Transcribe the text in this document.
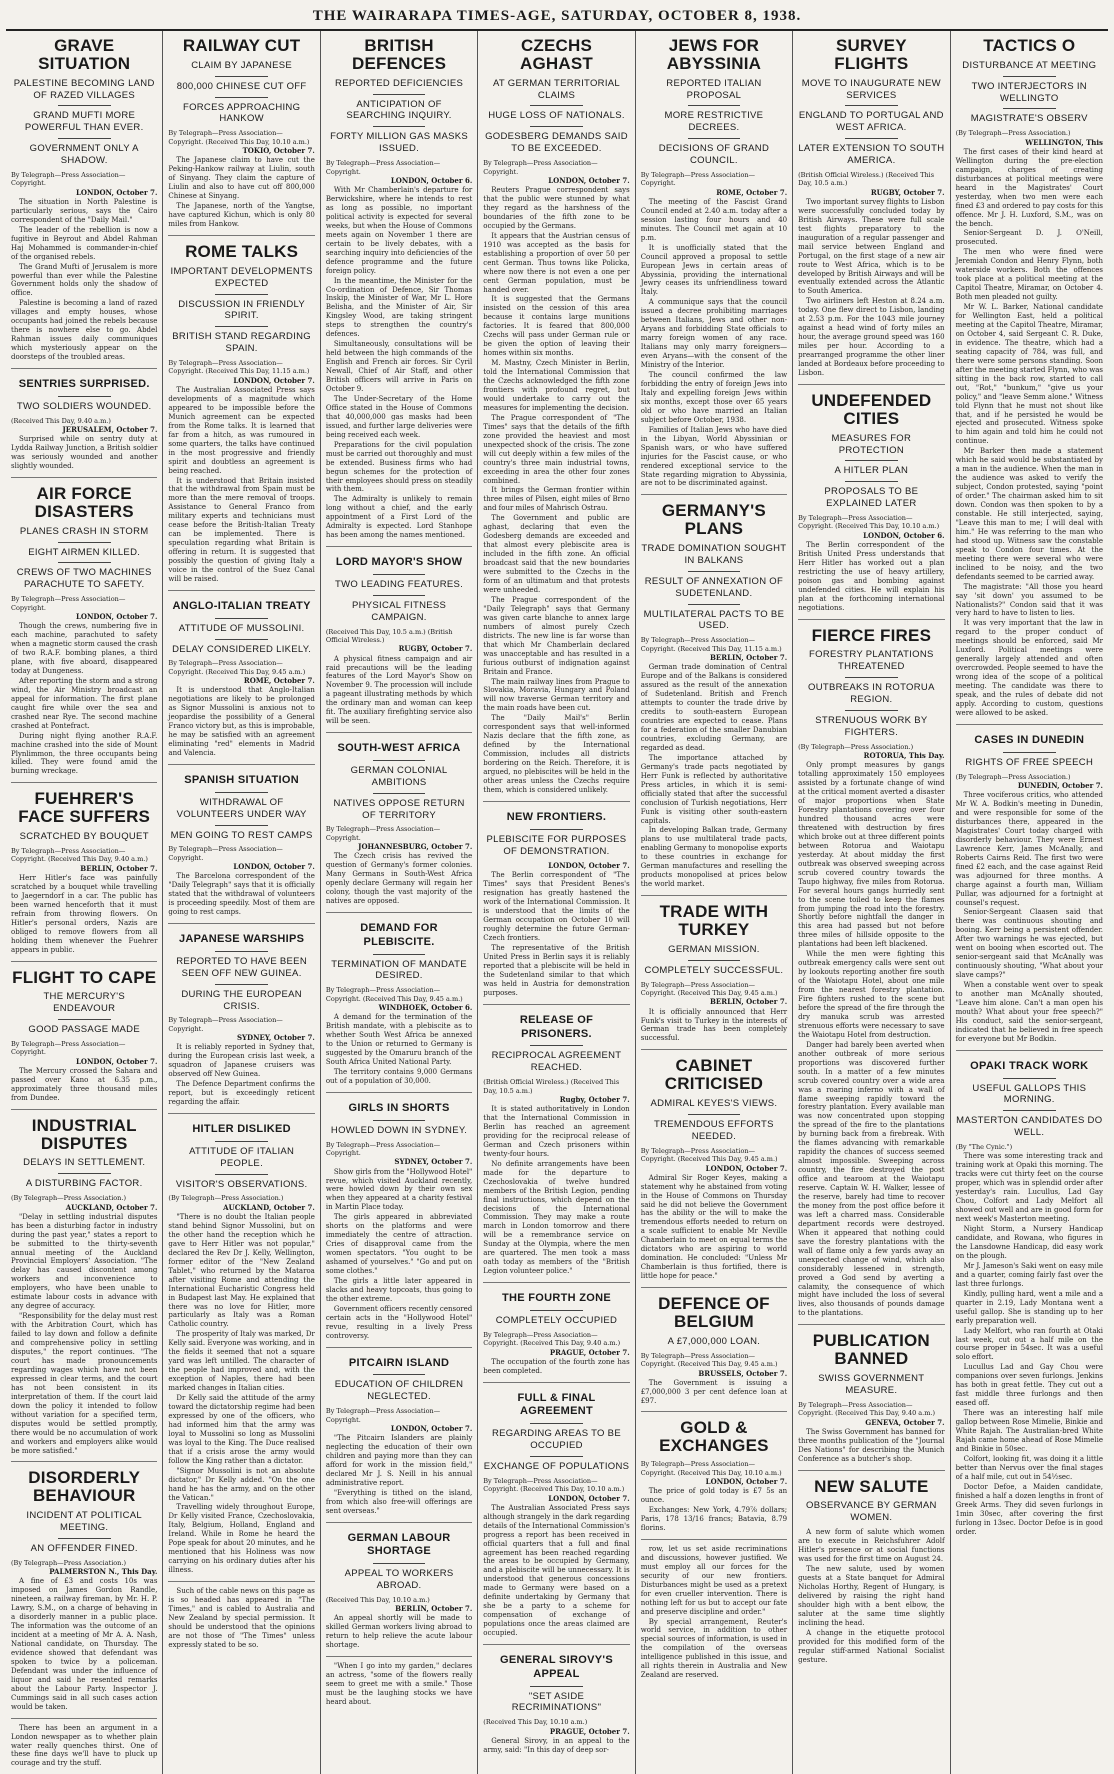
THE WAIRARAPA TIMES-AGE, SATURDAY, OCTOBER 8, 1938.
GRAVE SITUATION
PALESTINE BECOMING LAND OF RAZED VILLAGES
GRAND MUFTI MORE POWERFUL THAN EVER.
GOVERNMENT ONLY A SHADOW.
By Telegraph—Press Association—Copyright.
LONDON, October 7.

The situation in North Palestine is particularly serious, says the Cairo correspondent of the "Daily Mail."

The leader of the rebellion is now a fugitive in Beyrout and Abdel Rahman Haj Mohammed is commander-in-chief of the organised rebels.

The Grand Mufti of Jerusalem is more powerful than ever while the Palestine Government holds only the shadow of office.

Palestine is becoming a land of razed villages and empty houses, whose occupants had joined the rebels because there is nowhere else to go. Abdel Rahman issues daily communiques which mysteriously appear on the doorsteps of the troubled areas.

SENTRIES SURPRISED.
TWO SOLDIERS WOUNDED.
(Received This Day, 9.40 a.m.)
JERUSALEM, October 7.

Surprised while on sentry duty at Lydda Railway Junction, a British soldier was seriously wounded and another slightly wounded.

AIR FORCE DISASTERS
PLANES CRASH IN STORM
EIGHT AIRMEN KILLED.
CREWS OF TWO MACHINES PARACHUTE TO SAFETY.
By Telegraph—Press Association—Copyright.
LONDON, October 7.

Though the crews, numbering five in each machine, parachuted to safety when a magnetic storm caused the crash of two R.A.F. bombing planes, a third plane, with five aboard, disappeared today at Dungeness.

After reporting the storm and a strong wind, the Air Ministry broadcast an appeal for information. The first plane caught fire while over the sea and crashed near Rye. The second machine crashed at Pontefract.

During night flying another R.A.F. machine crashed into the side of Mount Plynlimmon, the three occupants being killed. They were found amid the burning wreckage.

FUEHRER'S FACE SUFFERS
SCRATCHED BY BOUQUET
By Telegraph—Press Association—Copyright. (Received This Day, 9.40 a.m.)
BERLIN, October 7.

Herr Hitler's face was painfully scratched by a bouquet while travelling to Jaegerndorf in a car. The public has been warned henceforth that it must refrain from throwing flowers. On Hitler's personal orders, Nazis are obliged to remove flowers from all holding them whenever the Fuehrer appears in public.

FLIGHT TO CAPE
THE MERCURY'S ENDEAVOUR
GOOD PASSAGE MADE
By Telegraph—Press Association—Copyright.
LONDON, October 7.

The Mercury crossed the Sahara and passed over Kano at 6.35 p.m., approximately three thousand miles from Dundee.

INDUSTRIAL DISPUTES
DELAYS IN SETTLEMENT.
A DISTURBING FACTOR.
(By Telegraph—Press Association.)
AUCKLAND, October 7.

"Delay in settling industrial disputes has been a disturbing factor in industry during the past year," states a report to be submitted to the thirty-seventh annual meeting of the Auckland Provincial Employers' Association. "The delay has caused discontent among workers and inconvenience to employers, who have been unable to estimate labour costs in advance with any degree of accuracy.

"Responsibility for the delay must rest with the Arbitration Court, which has failed to lay down and follow a definite and comprehensive policy in settling disputes," the report continues. "The court has made pronouncements regarding wages which have not been expressed in clear terms, and the court has not been consistent in its interpretation of them. If the court laid down the policy it intended to follow without variation for a specified term, disputes would be settled promptly, there would be no accumulation of work and workers and employers alike would be more satisfied."

DISORDERLY BEHAVIOUR
INCIDENT AT POLITICAL MEETING.
AN OFFENDER FINED.
(By Telegraph—Press Association.)
PALMERSTON N., This Day.

A fine of £3 and costs 10s was imposed on James Gordon Randle, nineteen, a railway fireman, by Mr. H. P. Lawry, S.M., on a charge of behaving in a disorderly manner in a public place. The information was the outcome of an incident at a meeting of Mr A. A. Nash, National candidate, on Thursday. The evidence showed that defendant was spoken to twice by a policeman. Defendant was under the influence of liquor and said he resented remarks about the Labour Party. Inspector J. Cummings said in all such cases action would be taken.

There has been an argument in a London newspaper as to whether plain water really quenches thirst. One of these fine days we'll have to pluck up courage and try the stuff.

RAILWAY CUT
CLAIM BY JAPANESE
800,000 CHINESE CUT OFF
FORCES APPROACHING HANKOW
By Telegraph—Press Association—Copyright. (Received This Day, 10.10 a.m.)
TOKIO, October 7.

The Japanese claim to have cut the Peking-Hankow railway at Liulin, south of Sinyang. They claim the capture of Liulin and also to have cut off 800,000 Chinese at Sinyang.

The Japanese, north of the Yangtse, have captured Kichun, which is only 80 miles from Hankow.

ROME TALKS
IMPORTANT DEVELOPMENTS EXPECTED
DISCUSSION IN FRIENDLY SPIRIT.
BRITISH STAND REGARDING SPAIN.
By Telegraph—Press Association—Copyright. (Received This Day, 11.15 a.m.)
LONDON, October 7.

The Australian Associated Press says developments of a magnitude which appeared to be impossible before the Munich agreement can be expected from the Rome talks. It is learned that far from a hitch, as was rumoured in some quarters, the talks have continued in the most progressive and friendly spirit and doubtless an agreement is being reached.

It is understood that Britain insisted that the withdrawal from Spain must be more than the mere removal of troops. Assistance to General Franco from military experts and technicians must cease before the British-Italian Treaty can be implemented. There is speculation regarding what Britain is offering in return. It is suggested that possibly the question of giving Italy a voice in the control of the Suez Canal will be raised.

ANGLO-ITALIAN TREATY
ATTITUDE OF MUSSOLINI.
DELAY CONSIDERED LIKELY.
By Telegraph—Press Association—Copyright. (Received This Day, 9.45 a.m.)
ROME, October 7.

It is understood that Anglo-Italian negotiations are likely to be prolonged as Signor Mussolini is anxious not to jeopardise the possibility of a General Franco victory but, as this is improbable, he may be satisfied with an agreement eliminating "red" elements in Madrid and Valencia.

SPANISH SITUATION
WITHDRAWAL OF VOLUNTEERS UNDER WAY
MEN GOING TO REST CAMPS
By Telegraph—Press Association—Copyright.
LONDON, October 7.

The Barcelona correspondent of the "Daily Telegraph" says that it is officially stated that the withdrawal of volunteers is proceeding speedily. Most of them are going to rest camps.

JAPANESE WARSHIPS
REPORTED TO HAVE BEEN SEEN OFF NEW GUINEA.
DURING THE EUROPEAN CRISIS.
By Telegraph—Press Association—Copyright.
SYDNEY, October 7.

It is reliably reported in Sydney that, during the European crisis last week, a squadron of Japanese cruisers was observed off New Guinea.

The Defence Department confirms the report, but is exceedingly reticent regarding the affair.

HITLER DISLIKED
ATTITUDE OF ITALIAN PEOPLE.
VISITOR'S OBSERVATIONS.
(By Telegraph—Press Association.)
AUCKLAND, October 7.

"There is no doubt the Italian people stand behind Signor Mussolini, but on the other hand the reception which he gave to Herr Hitler was not popular," declared the Rev Dr J. Kelly, Wellington, former editor of the "New Zealand Tablet," who returned by the Mataroa after visiting Rome and attending the International Eucharistic Congress held in Budapest last May. He explained that there was no love for Hitler, more particularly as Italy was a Roman Catholic country.

The prosperity of Italy was marked, Dr Kelly said. Everyone was working, and in the fields it seemed that not a square yard was left untilled. The character of the people had improved and, with the exception of Naples, there had been marked changes in Italian cities.

Dr Kelly said the attitude of the army toward the dictatorship regime had been expressed by one of the officers, who had informed him that the army was loyal to Mussolini so long as Mussolini was loyal to the King. The Duce realised that if a crisis arose the army would follow the King rather than a dictator.

"Signor Mussolini is not an absolute dictator," Dr Kelly added. "On the one hand he has the army, and on the other the Vatican."

Travelling widely throughout Europe, Dr Kelly visited France, Czechoslovakia, Italy, Belgium, Holland, England and Ireland. While in Rome he heard the Pope speak for about 20 minutes, and he mentioned that his Holiness was now carrying on his ordinary duties after his illness.

Such of the cable news on this page as is so headed has appeared in "The Times," and is cabled to Australia and New Zealand by special permission. It should be understood that the opinions are not those of "The Times" unless expressly stated to be so.

BRITISH DEFENCES
REPORTED DEFICIENCIES
ANTICIPATION OF SEARCHING INQUIRY.
FORTY MILLION GAS MASKS ISSUED.
By Telegraph—Press Association—Copyright.
LONDON, October 6.

With Mr Chamberlain's departure for Berwickshire, where he intends to rest as long as possible, no important political activity is expected for several weeks, but when the House of Commons meets again on November 1 there are certain to be lively debates, with a searching inquiry into deficiencies of the defence programme and the future foreign policy.

In the meantime, the Minister for the Co-ordination of Defence, Sir Thomas Inskip, the Minister of War, Mr L. Hore Belisha, and the Minister of Air, Sir Kingsley Wood, are taking stringent steps to strengthen the country's defences.

Simultaneously, consultations will be held between the high commands of the English and French air forces. Sir Cyril Newall, Chief of Air Staff, and other British officers will arrive in Paris on October 9.

The Under-Secretary of the Home Office stated in the House of Commons that 40,000,000 gas masks had been issued, and further large deliveries were being received each week.

Preparations for the civil population must be carried out thoroughly and must be extended. Business firms who had begun schemes for the protection of their employees should press on steadily with them.

The Admiralty is unlikely to remain long without a chief, and the early appointment of a First Lord of the Admiralty is expected. Lord Stanhope has been among the names mentioned.

LORD MAYOR'S SHOW
TWO LEADING FEATURES.
PHYSICAL FITNESS CAMPAIGN.
(Received This Day, 10.5 a.m.) (British Official Wireless.)
RUGBY, October 7.

A physical fitness campaign and air raid precautions will be the leading features of the Lord Mayor's Show on November 9. The procession will include a pageant illustrating methods by which the ordinary man and woman can keep fit. The auxiliary firefighting service also will be seen.

SOUTH-WEST AFRICA
GERMAN COLONIAL AMBITIONS
NATIVES OPPOSE RETURN OF TERRITORY
By Telegraph—Press Association—Copyright.
JOHANNESBURG, October 7.

The Czech crisis has revived the question of Germany's former colonies. Many Germans in South-West Africa openly declare Germany will regain her colony, though the vast majority of the natives are opposed.

DEMAND FOR PLEBISCITE.
TERMINATION OF MANDATE DESIRED.
By Telegraph—Press Association—Copyright. (Received This Day, 9.45 a.m.)
WINDHOEK, October 6.

A demand for the termination of the British mandate, with a plebiscite as to whether South West Africa be annexed to the Union or returned to Germany is suggested by the Omaruru branch of the South Africa United National Party.

The territory contains 9,000 Germans out of a population of 30,000.

GIRLS IN SHORTS
HOWLED DOWN IN SYDNEY.
By Telegraph—Press Association—Copyright.
SYDNEY, October 7.

Show girls from the "Hollywood Hotel" revue, which visited Auckland recently, were howled down by their own sex when they appeared at a charity festival in Martin Place today.

The girls appeared in abbreviated shorts on the platforms and were immediately the centre of attraction. Cries of disapproval came from the women spectators. "You ought to be ashamed of yourselves." "Go and put on some clothes."

The girls a little later appeared in slacks and heavy topcoats, thus going to the other extreme.

Government officers recently censored certain acts in the "Hollywood Hotel" revue, resulting in a lively Press controversy.

PITCAIRN ISLAND
EDUCATION OF CHILDREN NEGLECTED.
By Telegraph—Press Association—Copyright.
LONDON, October 7.

"The Pitcairn Islanders are plainly neglecting the education of their own children and paying more than they can afford for work in the mission field," declared Mr J. S. Neill in his annual administrative report.

"Everything is tithed on the island, from which also free-will offerings are sent overseas."

GERMAN LABOUR SHORTAGE
APPEAL TO WORKERS ABROAD.
(Received This Day, 10.10 a.m.)
BERLIN, October 7.

An appeal shortly will be made to skilled German workers living abroad to return to help relieve the acute labour shortage.

"When I go into my garden," declares an actress, "some of the flowers really seem to greet me with a smile." Those must be the laughing stocks we have heard about.

CZECHS AGHAST
AT GERMAN TERRITORIAL CLAIMS
HUGE LOSS OF NATIONALS.
GODESBERG DEMANDS SAID TO BE EXCEEDED.
By Telegraph—Press Association—Copyright.
LONDON, October 7.

Reuters Prague correspondent says that the public were stunned by what they regard as the harshness of the boundaries of the fifth zone to be occupied by the Germans.

It appears that the Austrian census of 1910 was accepted as the basis for establishing a proportion of over 50 per cent German. Thus towns like Policka, where now there is not even a one per cent German population, must be handed over.

It is suggested that the Germans insisted on the cession of this area because it contains large munitions factories. It is feared that 800,000 Czechs will pass under German rule or be given the option of leaving their homes within six months.

M. Mastny, Czech Minister in Berlin, told the International Commission that the Czechs acknowledged the fifth zone frontiers with profound regret, but would undertake to carry out the measures for implementing the decision.

The Prague correspondent of "The Times" says that the details of the fifth zone provided the heaviest and most unexpected shock of the crisis. The zone will cut deeply within a few miles of the country's three main industrial towns, exceeding in area the other four zones combined.

It brings the German frontier within three miles of Pilsen, eight miles of Brno and four miles of Mahrisch Ostrau.

The Government and public are aghast, declaring that even the Godesberg demands are exceeded and that almost every plebiscite area is included in the fifth zone. An official broadcast said that the new boundaries were submitted to the Czechs in the form of an ultimatum and that protests were unheeded.

The Prague correspondent of the "Daily Telegraph" says that Germany was given carte blanche to annex large numbers of almost purely Czech districts. The new line is far worse than that which Mr Chamberlain declared was unacceptable and has resulted in a furious outburst of indignation against Britain and France.

The main railway lines from Prague to Slovakia, Moravia, Hungary and Poland will now traverse German territory and the main roads have been cut.

The "Daily Mail's" Berlin correspondent says that well-informed Nazis declare that the fifth zone, as defined by the International Commission, includes all districts bordering on the Reich. Therefore, it is argued, no plebiscites will be held in the other areas unless the Czechs require them, which is considered unlikely.

NEW FRONTIERS.
PLEBISCITE FOR PURPOSES OF DEMONSTRATION.
LONDON, October 7.

The Berlin correspondent of "The Times" says that President Benes's resignation has greatly hastened the work of the International Commission. It is understood that the limits of the German occupation on October 10 will roughly determine the future German-Czech frontiers.

The representative of the British United Press in Berlin says it is reliably reported that a plebiscite will be held in the Sudetenland similar to that which was held in Austria for demonstration purposes.

RELEASE OF PRISONERS.
RECIPROCAL AGREEMENT REACHED.
(British Official Wireless.) (Received This Day, 10.5 a.m.)
Rugby, October 7.

It is stated authoritatively in London that the International Commission in Berlin has reached an agreement providing for the reciprocal release of German and Czech prisoners within twenty-four hours.

No definite arrangements have been made for the departure to Czechoslovakia of twelve hundred members of the British Legion, pending final instructions, which depend on the decisions of the International Commission. They may make a route march in London tomorrow and there will be a remembrance service on Sunday at the Olympia, where the men are quartered. The men took a mass oath today as members of the "British Legion volunteer police."

THE FOURTH ZONE
COMPLETELY OCCUPIED
By Telegraph—Press Association—Copyright. (Received This Day, 9.40 a.m.)
PRAGUE, October 7.

The occupation of the fourth zone has been completed.

FULL & FINAL AGREEMENT
REGARDING AREAS TO BE OCCUPIED
EXCHANGE OF POPULATIONS
By Telegraph—Press Association—Copyright. (Received This Day, 10.10 a.m.)
LONDON, October 7.

The Australian Associated Press says although strangely in the dark regarding details of the International Commission's progress a report has been received in official quarters that a full and final agreement has been reached regarding the areas to be occupied by Germany, and a plebiscite will be unnecessary. It is understood that generous concessions made to Germany were based on a definite undertaking by Germany that she be a party to a scheme for compensation of exchange of populations once the areas claimed are occupied.

GENERAL SIROVY'S APPEAL
"SET ASIDE RECRIMINATIONS"
(Received This Day, 10.10 a.m.)
PRAGUE, October 7.

General Sirovy, in an appeal to the army, said: "In this day of deep sor-

JEWS FOR ABYSSINIA
REPORTED ITALIAN PROPOSAL
MORE RESTRICTIVE DECREES.
DECISIONS OF GRAND COUNCIL.
By Telegraph—Press Association—Copyright.
ROME, October 7.

The meeting of the Fascist Grand Council ended at 2.40 a.m. today after a session lasting four hours and 40 minutes. The Council met again at 10 p.m.

It is unofficially stated that the Council approved a proposal to settle European Jews in certain areas of Abyssinia, providing the international Jewry ceases its unfriendliness toward Italy.

A communique says that the council issued a decree prohibiting marriages between Italians, Jews and other non-Aryans and forbidding State officials to marry foreign women of any race. Italians may only marry foreigners—even Aryans—with the consent of the Ministry of the Interior.

The council confirmed the law forbidding the entry of foreign Jews into Italy and expelling foreign Jews within six months, except those over 65 years old or who have married an Italian subject before October, 1938.

Families of Italian Jews who have died in the Libyan, World Abyssinian or Spanish wars, or who have suffered injuries for the Fascist cause, or who rendered exceptional service to the State regarding migration to Abyssinia, are not to be discriminated against.

GERMANY'S PLANS
TRADE DOMINATION SOUGHT IN BALKANS
RESULT OF ANNEXATION OF SUDETENLAND.
MULTILATERAL PACTS TO BE USED.
By Telegraph—Press Association—Copyright. (Received This Day, 11.15 a.m.)
BERLIN, October 7.

German trade domination of Central Europe and of the Balkans is considered assured as the result of the annexation of Sudetenland. British and French attempts to counter the trade drive by credits to south-eastern European countries are expected to cease. Plans for a federation of the smaller Danubian countries, excluding Germany, are regarded as dead.

The importance attached by Germany's trade pacts negotiated by Herr Funk is reflected by authoritative Press articles, in which it is semi-officially stated that after the successful conclusion of Turkish negotiations, Herr Funk is visiting other south-eastern capitals.

In developing Balkan trade, Germany plans to use multilateral trade pacts, enabling Germany to monopolise exports to these countries in exchange for German manufactures and reselling the products monopolised at prices below the world market.

TRADE WITH TURKEY
GERMAN MISSION.
COMPLETELY SUCCESSFUL.
By Telegraph—Press Association—Copyright. (Received This Day, 9.45 a.m.)
BERLIN, October 7.

It is officially announced that Herr Funk's visit to Turkey in the interests of German trade has been completely successful.

CABINET CRITICISED
ADMIRAL KEYES'S VIEWS.
TREMENDOUS EFFORTS NEEDED.
By Telegraph—Press Association—Copyright. (Received This Day, 9.45 a.m.)
LONDON, October 7.

Admiral Sir Roger Keyes, making a statement why he abstained from voting in the House of Commons on Thursday said he did not believe the Government has the ability or the will to make the tremendous efforts needed to return on a scale sufficient to enable Mr Neville Chamberlain to meet on equal terms the dictators who are aspiring to world domination. He concluded: "Unless Mr Chamberlain is thus fortified, there is little hope for peace."

DEFENCE OF BELGIUM
A £7,000,000 LOAN.
By Telegraph—Press Association—Copyright. (Received This Day, 9.45 a.m.)
BRUSSELS, October 7.

The Government is issuing a £7,000,000 3 per cent defence loan at £97.

GOLD & EXCHANGES
By Telegraph—Press Association—Copyright. (Received This Day, 10.10 a.m.)
LONDON, October 7.

The price of gold today is £7 5s an ounce.

Exchanges: New York, 4.79⅞ dollars; Paris, 178 13/16 francs; Batavia, 8.79 florins.

row, let us set aside recriminations and discussions, however justified. We must employ all our forces for the security of our new frontiers. Disturbances might be used as a pretext for even crueller intervention. There is nothing left for us but to accept our fate and preserve discipline and order."

By special arrangement, Reuter's world service, in addition to other special sources of information, is used in the compilation of the overseas intelligence published in this issue, and all rights therein in Australia and New Zealand are reserved.

SURVEY FLIGHTS
MOVE TO INAUGURATE NEW SERVICES
ENGLAND TO PORTUGAL AND WEST AFRICA.
LATER EXTENSION TO SOUTH AMERICA.
(British Official Wireless.) (Received This Day, 10.5 a.m.)
RUGBY, October 7.

Two important survey flights to Lisbon were successfully concluded today by British Airways. These were full scale test flights preparatory to the inauguration of a regular passenger and mail service between England and Portugal, on the first stage of a new air route to West Africa, which is to be developed by British Airways and will be eventually extended across the Atlantic to South America.

Two airliners left Heston at 8.24 a.m. today. One flew direct to Lisbon, landing at 2.53 p.m. For the 1043 mile journey against a head wind of forty miles an hour, the average ground speed was 160 miles per hour. According to a prearranged programme the other liner landed at Bordeaux before proceeding to Lisbon.

UNDEFENDED CITIES
MEASURES FOR PROTECTION
A HITLER PLAN
PROPOSALS TO BE EXPLAINED LATER
By Telegraph—Press Association—Copyright. (Received This Day, 10.10 a.m.)
LONDON, October 6.

The Berlin correspondent of the British United Press understands that Herr Hitler has worked out a plan restricting the use of heavy artillery, poison gas and bombing against undefended cities. He will explain his plan at the forthcoming international negotiations.

FIERCE FIRES
FORESTRY PLANTATIONS THREATENED
OUTBREAKS IN ROTORUA REGION.
STRENUOUS WORK BY FIGHTERS.
(By Telegraph—Press Association.)
ROTORUA, This Day.

Only prompt measures by gangs totalling approximately 150 employees assisted by a fortunate change of wind at the critical moment averted a disaster of major proportions when State Forestry plantations covering over four hundred thousand acres were threatened with destruction by fires which broke out at three different points between Rotorua and Waiotapu yesterday. At about midday the first outbreak was observed sweeping across scrub covered country towards the Taupo highway, five miles from Rotorua. For several hours gangs hurriedly sent to the scene toiled to keep the flames from jumping the road into the forestry. Shortly before nightfall the danger in this area had passed but not before three miles of hillside opposite to the plantations had been left blackened.

While the men were fighting this outbreak emergency calls were sent out by lookouts reporting another fire south of the Waiotapu Hotel, about one mile from the nearest forestry plantation. Fire fighters rushed to the scene but before the spread of the fire through the dry manuka scrub was arrested strenuous efforts were necessary to save the Waiotapu Hotel from destruction.

Danger had barely been averted when another outbreak of more serious proportions was discovered further south. In a matter of a few minutes scrub covered country over a wide area was a roaring inferno with a wall of flame sweeping rapidly toward the forestry plantation. Every available man was now concentrated upon stopping the spread of the fire to the plantations by burning back from a firebreak. With the flames advancing with remarkable rapidity the chances of success seemed almost impossible. Sweeping across country, the fire destroyed the post office and tearoom at the Waiotapu reserve. Captain W. H. Walker, lessee of the reserve, barely had time to recover the money from the post office before it was left a charred mass. Considerable department records were destroyed. When it appeared that nothing could save the forestry plantations with the wall of flame only a few yards away an unexpected change of wind, which also considerably lessened in strength, proved a God send by averting a calamity, the consequence of which might have included the loss of several lives, also thousands of pounds damage to the plantations.

PUBLICATION BANNED
SWISS GOVERNMENT MEASURE.
By Telegraph—Press Association—Copyright. (Received This Day, 9.40 a.m.)
GENEVA, October 7.

The Swiss Government has banned for three months publication of the "Journal Des Nations" for describing the Munich Conference as a butcher's shop.

NEW SALUTE
OBSERVANCE BY GERMAN WOMEN.

A new form of salute which women are to execute in Reichsfuhrer Adolf Hitler's presence or at social functions was used for the first time on August 24.

The new salute, used by women guests at a State banquet for Admiral Nicholas Horthy, Regent of Hungary, is delivered by raising the right hand shoulder high with a bent elbow, the saluter at the same time slightly inclining the head.

A change in the etiquette protocol provided for this modified form of the regular stiff-armed National Socialist gesture.

TACTICS O
DISTURBANCE AT MEETING
TWO INTERJECTORS IN WELLINGTO
MAGISTRATE'S OBSERV
(By Telegraph—Press Association.)
WELLINGTON, This

The first cases of their kind heard at Wellington during the pre-election campaign, charges of creating disturbances at political meetings were heard in the Magistrates' Court yesterday, when two men were each fined £3 and ordered to pay costs for this offence. Mr J. H. Luxford, S.M., was on the bench.

Senior-Sergeant D. J. O'Neill, prosecuted.

The men who were fined were Jeremiah Condon and Henry Flynn, both waterside workers. Both the offences took place at a political meeting at the Capitol Theatre, Miramar, on October 4. Both men pleaded not guilty.

Mr W. L. Barker, National candidate for Wellington East, held a political meeting at the Capitol Theatre, Miramar, on October 4, said Sergeant C. R. Duke, in evidence. The theatre, which had a seating capacity of 784, was full, and there were some persons standing. Soon after the meeting started Flynn, who was sitting in the back row, started to call out, "Rot," "bunkum," "give us your policy," and "leave Semm alone." Witness told Flynn that he must not shout like that, and if he persisted he would be ejected and prosecuted. Witness spoke to him again and told him he could not continue.

Mr Barker then made a statement which he said would be substantiated by a man in the audience. When the man in the audience was asked to verify the subject, Condon protested, saying "point of order." The chairman asked him to sit down. Condon was then spoken to by a constable. He still interjected, saying, "Leave this man to me; I will deal with him." He was referring to the man who had stood up. Witness saw the constable speak to Condon four times. At the meeting there were several who were inclined to be noisy, and the two defendants seemed to be carried away.

The magistrate: "All those you heard say 'sit down' you assumed to be Nationalists?" Condon said that it was very hard to have to listen to lies.

It was very important that the law in regard to the proper conduct of meetings should be enforced, said Mr Luxford. Political meetings were generally largely attended and often overcrowded. People seemed to have the wrong idea of the scope of a political meeting. The candidate was there to speak, and the rules of debate did not apply. According to custom, questions were allowed to be asked.

CASES IN DUNEDIN
RIGHTS OF FREE SPEECH
(By Telegraph—Press Association.)
DUNEDIN, October 7.

Three vociferous critics, who attended Mr W. A. Bodkin's meeting in Dunedin, and were responsible for some of the disturbances there, appeared in the Magistrates' Court today charged with disorderly behaviour. They were Ernest Lawrence Kerr, James McAnally, and Roberts Cairns Reid. The first two were fined £2 each, and the case against Reid was adjourned for three months. A charge against a fourth man, William Pullar, was adjourned for a fortnight at counsel's request.

Senior-Sergeant Claasen said that there was continuous shouting and booing. Kerr being a persistent offender. After two warnings he was ejected, but went on booing when escorted out. The senior-sergeant said that McAnally was continuously shouting, "What about your slave camps?"

When a constable went over to speak to another man McAnally shouted, "Leave him alone. Can't a man open his mouth? What about your free speech?" His conduct, said the senior-sergeant, indicated that he believed in free speech for everyone but Mr Bodkin.

OPAKI TRACK WORK
USEFUL GALLOPS THIS MORNING.
MASTERTON CANDIDATES DO WELL.
(By "The Cynic.")

There was some interesting track and training work at Opaki this morning. The tracks were cut thirty feet on the course proper, which was in splendid order after yesterday's rain. Lucullus, Lad Gay Chou, Colfort and Lady Melfort all showed out well and are in good form for next week's Masterton meeting.

Night Storm, a Nursery Handicap candidate, and Rowana, who figures in the Lansdowne Handicap, did easy work on the plough.

Mr J. Jameson's Saki went on easy mile and a quarter, coming fairly fast over the last three furlongs.

Kindly, pulling hard, went a mile and a quarter in 2.19, Lady Montana went a useful gallop. She is standing up to her early preparation well.

Lady Melfort, who ran fourth at Otaki last week, cut out a half mile on the course proper in 54sec. It was a useful solo effort.

Lucullus Lad and Gay Chou were companions over seven furlongs. Jenkins has both in great fettle. They cut out a fast middle three furlongs and then eased off.

There was an interesting half mile gallop between Rose Mimelie, Binkie and White Rajah. The Australian-bred White Rajah came home ahead of Rose Mimelie and Binkie in 50sec.

Colfort, looking fit, was doing it a little better than Nervus over the final stages of a half mile, cut out in 54½sec.

Doctor Defoe, a Maiden candidate, finished a half a dozen lengths in front of Greek Arms. They did seven furlongs in 1min 30sec, after covering the first furlong in 13sec. Doctor Defoe is in good order.
